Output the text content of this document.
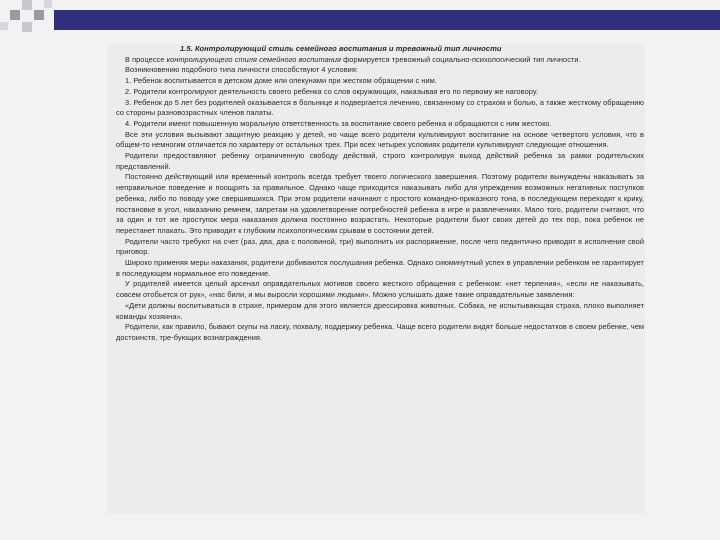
1.5. Контролирующий стиль семейного воспитания и тревожный тип личности

В процессе контролирующего стиля семейного воспитания формируется тревожный социально-психологический тип личности.

Возникновению подобного типа личности способствуют 4 условия:

1. Ребенок воспитывается в детском доме или опекунами при жестком обращении с ним.

2. Родители контролируют деятельность своего ребенка со слов окружающих, наказывая его по первому же наговору.

3. Ребенок до 5 лет без родителей оказывается в больнице и подвергается лечению, связанному со страхом и болью, а также жесткому обращению со стороны разновозрастных членов палаты.

4. Родители имеют повышенную моральную ответственность за воспитание своего ребенка и обращаются с ним жестоко.

Все эти условия вызывают защитную реакцию у детей, но чаще всего родители культивируют воспитание на основе четвертого условия, что в общем-то немногим отличается по характеру от остальных трех. При всех четырех условиях родители культивируют следующие отношения.

Родители предоставляют ребенку ограниченную свободу действий, строго контролируя выход действий ребенка за рамки родительских представлений.

Постоянно действующий или временный контроль всегда требует твоего логического завершения. Поэтому родители вынуждены наказывать за неправильное поведение и поощрять за правильное. Однако чаще приходится наказывать либо для упреждения возможных негативных поступков ребенка, либо по поводу уже свершившихся. При этом родители начинают с простого командно-приказного тона, в последующем переходят к крику, постановке в угол, наказанию ремнем, запретам на удовлетворение потребностей ребенка в игре и развлечениях. Мало того, родители считают, что за один и тот же проступок мера наказания должна постоянно возрастать. Некоторые родители бьют своих детей до тех пор, пока ребенок не перестанет плакать. Это приводит к глубоким психологическим срывам в состоянии детей.

Родители часто требуют на счет (раз, два, два с половиной, три) выполнить их распоряжение, после чего педантично приводят в исполнение свой приговор.

Широко применяя меры наказания, родители добиваются послушания ребенка. Однако сиюминутный успех в управлении ребенком не гарантирует в последующем нормальное его поведение.

У родителей имеется целый арсенал оправдательных мотивов своего жесткого обращения с ребенком: «нет терпения», «если не наказывать, совсем отобьется от рук», «нас били, и мы выросли хорошими людьми». Можно услышать даже такие оправдательные заявления:

«Дети должны воспитываться в страхе, примером для этого является дрессировка животных. Собака, не испытывающая страха, плохо выполняет команды хозяина».

Родители, как правило, бывают скупы на ласку, похвалу, поддержку ребенка. Чаще всего родители видят больше недостатков в своем ребенке, чем достоинств, тре-бующих вознаграждения.
